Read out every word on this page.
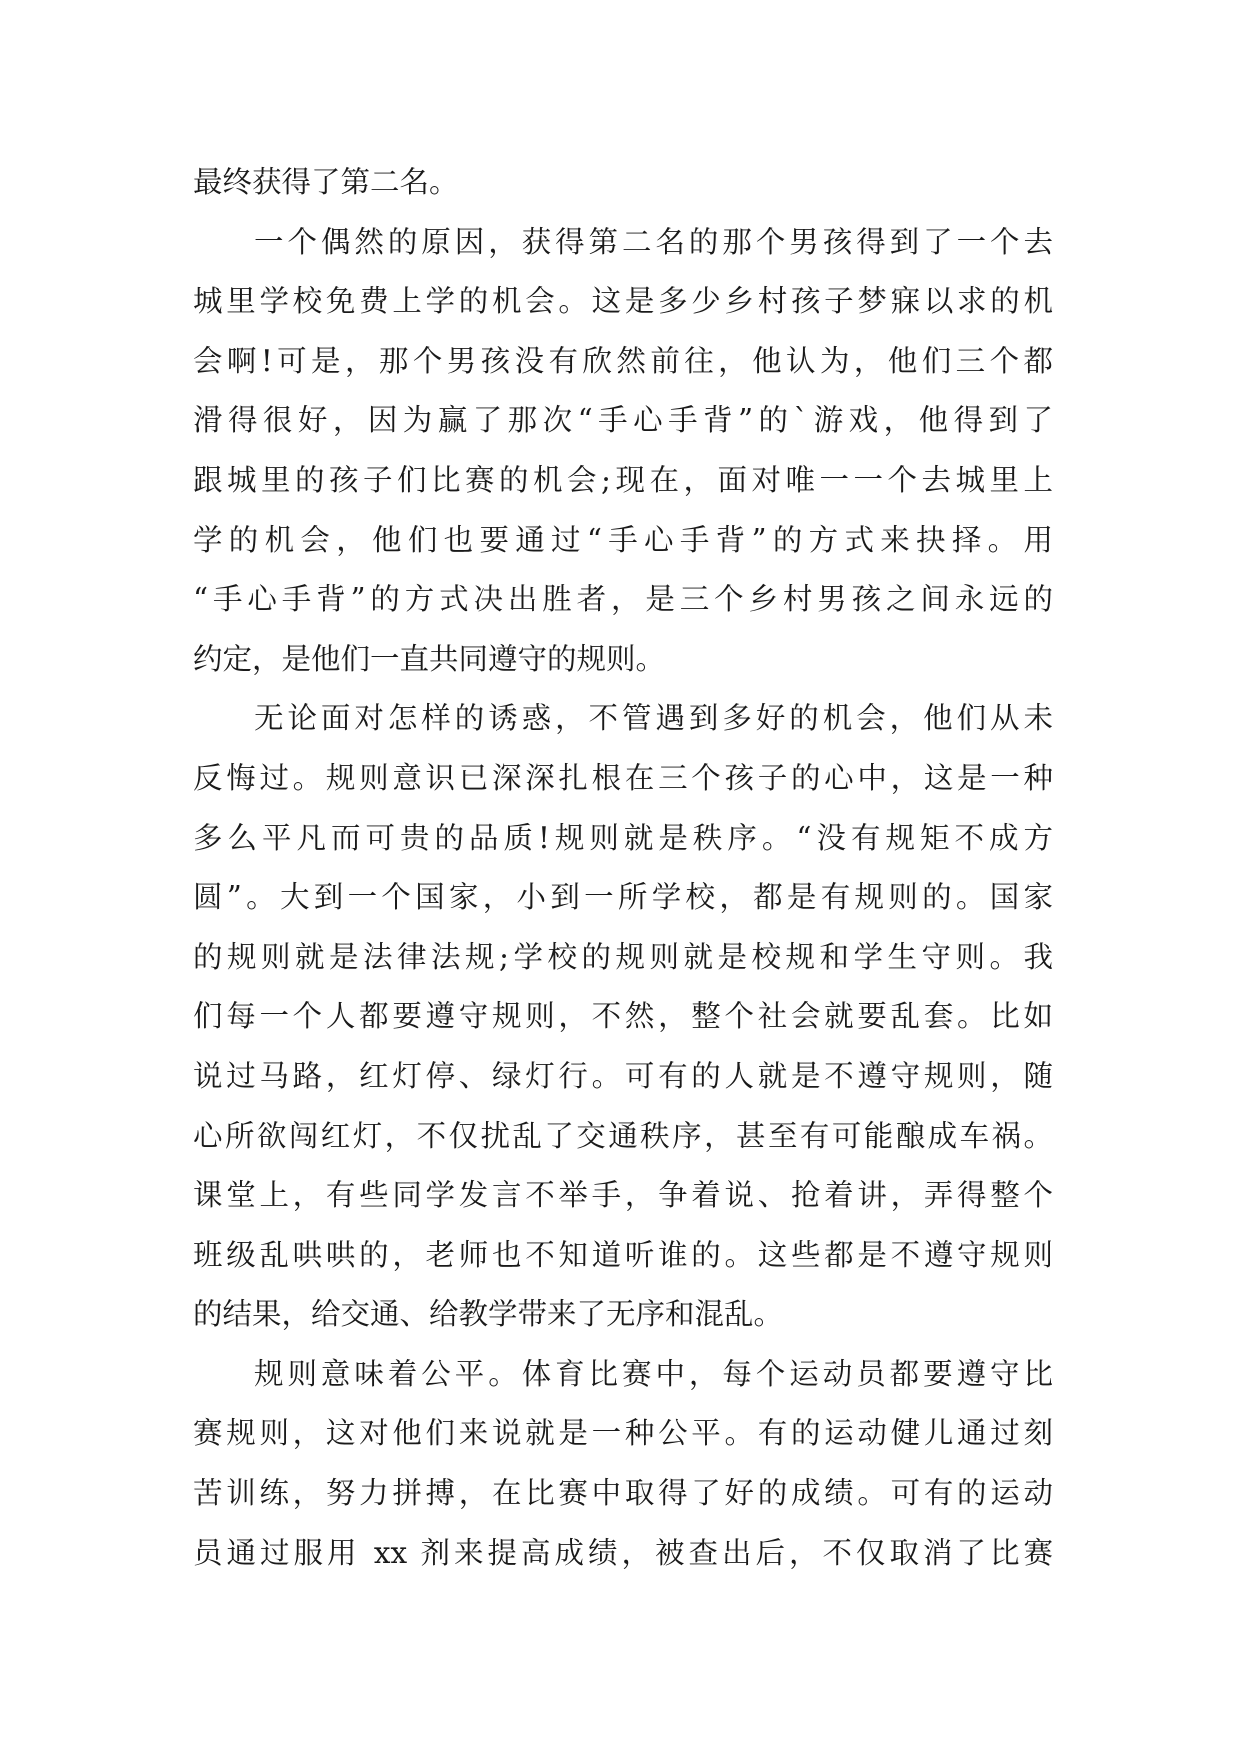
最终获得了第二名。
一个偶然的原因，获得第二名的那个男孩得到了一个去
城里学校免费上学的机会。这是多少乡村孩子梦寐以求的机
会啊!可是，那个男孩没有欣然前往，他认为，他们三个都
滑得很好，因为赢了那次“手心手背”的`游戏，他得到了
跟城里的孩子们比赛的机会;现在，面对唯一一个去城里上
学的机会，他们也要通过“手心手背”的方式来抉择。用
“手心手背”的方式决出胜者，是三个乡村男孩之间永远的
约定，是他们一直共同遵守的规则。
无论面对怎样的诱惑，不管遇到多好的机会，他们从未
反悔过。规则意识已深深扎根在三个孩子的心中，这是一种
多么平凡而可贵的品质!规则就是秩序。“没有规矩不成方
圆”。大到一个国家，小到一所学校，都是有规则的。国家
的规则就是法律法规;学校的规则就是校规和学生守则。我
们每一个人都要遵守规则，不然，整个社会就要乱套。比如
说过马路，红灯停、绿灯行。可有的人就是不遵守规则，随
心所欲闯红灯，不仅扰乱了交通秩序，甚至有可能酿成车祸。
课堂上，有些同学发言不举手，争着说、抢着讲，弄得整个
班级乱哄哄的，老师也不知道听谁的。这些都是不遵守规则
的结果，给交通、给教学带来了无序和混乱。
规则意味着公平。体育比赛中，每个运动员都要遵守比
赛规则，这对他们来说就是一种公平。有的运动健儿通过刻
苦训练，努力拼搏，在比赛中取得了好的成绩。可有的运动
员通过服用 xx 剂来提高成绩，被查出后，不仅取消了比赛
